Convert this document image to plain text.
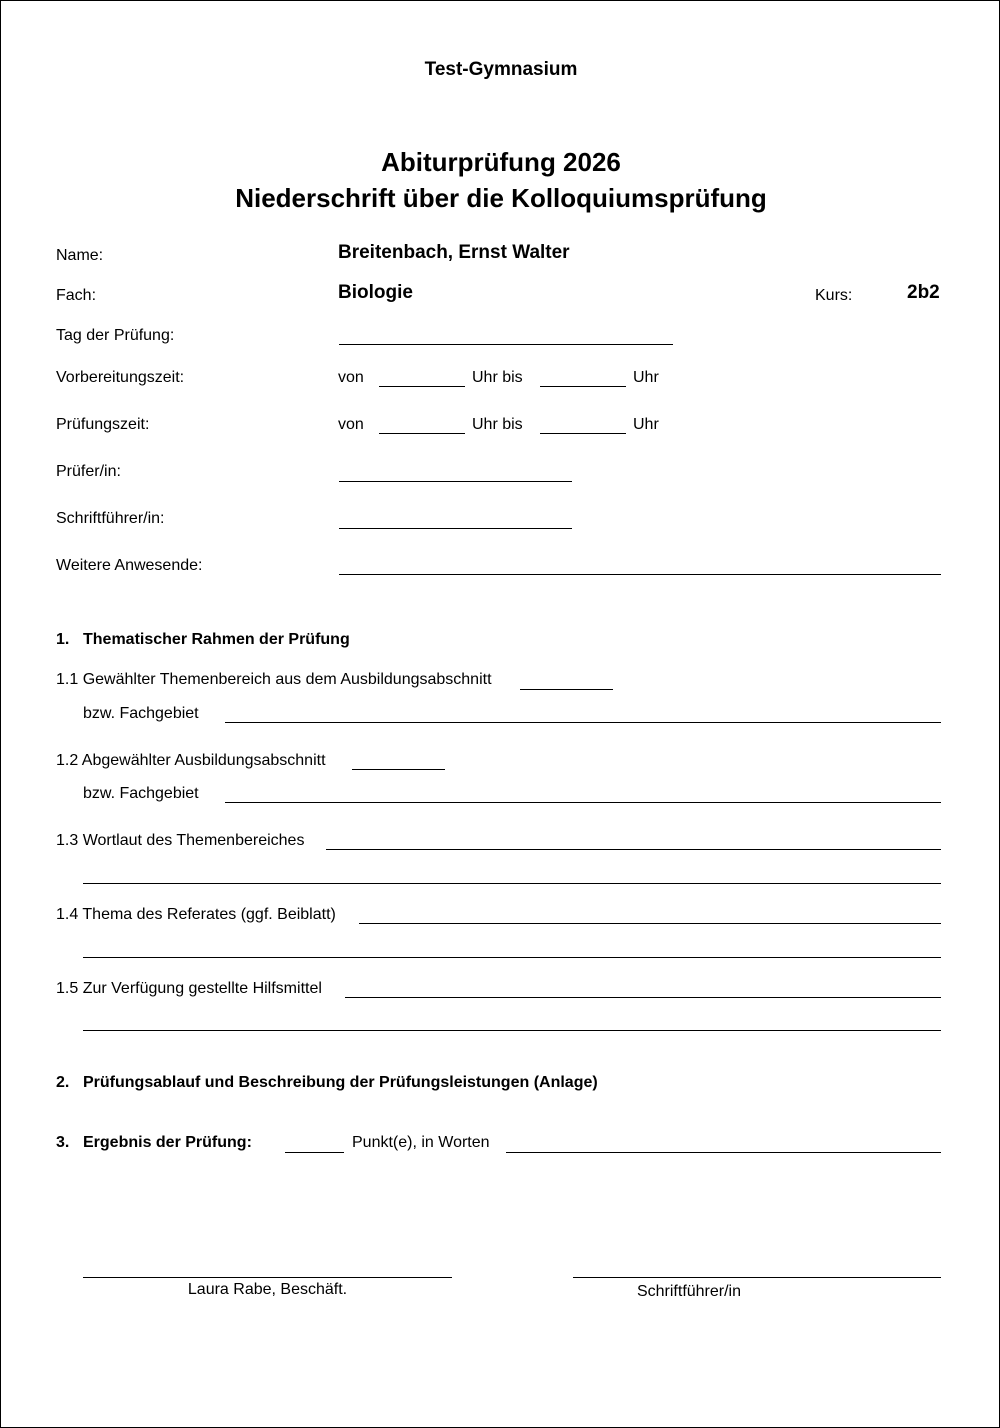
Test-Gymnasium
Abiturprüfung 2026
Niederschrift über die Kolloquiumsprüfung
Name:	Breitenbach, Ernst Walter
Fach:	Biologie	Kurs:	2b2
Tag der Prüfung:
Vorbereitungszeit:	von	Uhr bis	Uhr
Prüfungszeit:	von	Uhr bis	Uhr
Prüfer/in:
Schriftführer/in:
Weitere Anwesende:
1. Thematischer Rahmen der Prüfung
1.1 Gewählter Themenbereich aus dem Ausbildungsabschnitt
bzw. Fachgebiet
1.2 Abgewählter Ausbildungsabschnitt
bzw. Fachgebiet
1.3 Wortlaut des Themenbereiches
1.4 Thema des Referates (ggf. Beiblatt)
1.5 Zur Verfügung gestellte Hilfsmittel
2. Prüfungsablauf und Beschreibung der Prüfungsleistungen (Anlage)
3. Ergebnis der Prüfung:	Punkt(e), in Worten
Laura Rabe, Beschäft.	Schriftführer/in
